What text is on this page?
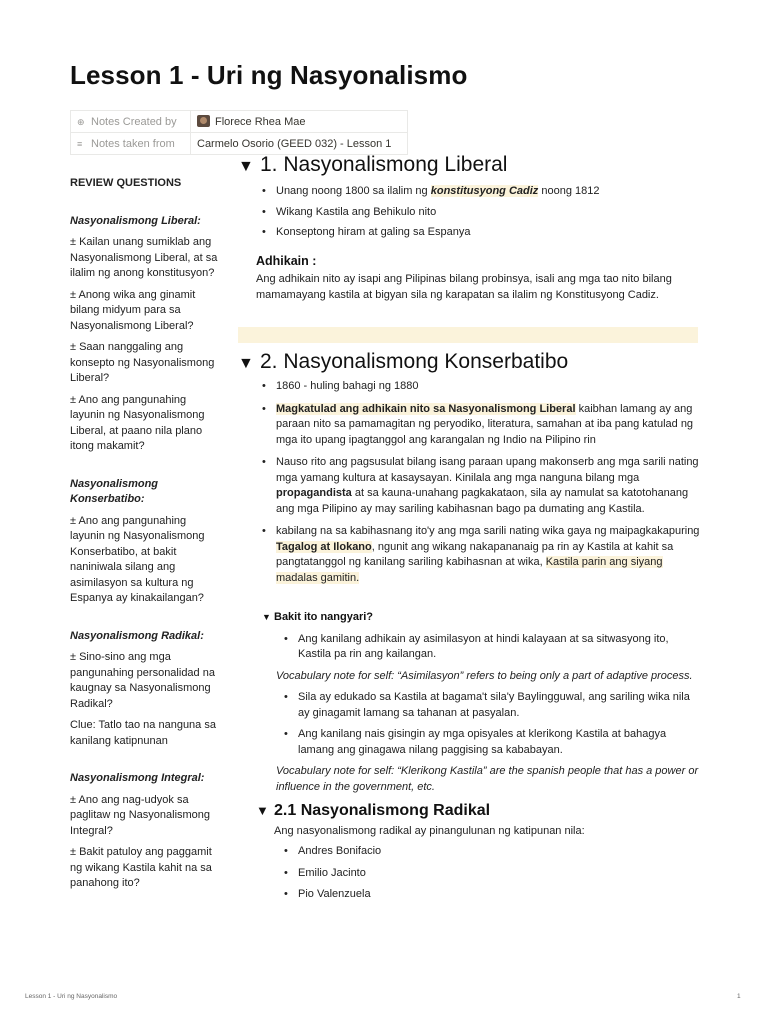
Lesson 1 - Uri ng Nasyonalismo
⊕ Notes Created by	Florece Rhea Mae
≡ Notes taken from	Carmelo Osorio (GEED 032) - Lesson 1
REVIEW QUESTIONS
Nasyonalismong Liberal:
± Kailan unang sumiklab ang Nasyonalismong Liberal, at sa ilalim ng anong konstitusyon?
± Anong wika ang ginamit bilang midyum para sa Nasyonalismong Liberal?
± Saan nanggaling ang konsepto ng Nasyonalismong Liberal?
± Ano ang pangunahing layunin ng Nasyonalismong Liberal, at paano nila plano itong makamit?
Nasyonalismong Konserbatibo:
± Ano ang pangunahing layunin ng Nasyonalismong Konserbatibo, at bakit naniniwala silang ang asimilasyon sa kultura ng Espanya ay kinakailangan?
Nasyonalismong Radikal:
± Sino-sino ang mga pangunahing personalidad na kaugnay sa Nasyonalismong Radikal?
Clue: Tatlo tao na nanguna sa kanilang katipnunan
Nasyonalismong Integral:
± Ano ang nag-udyok sa paglitaw ng Nasyonalismong Integral?
± Bakit patuloy ang paggamit ng wikang Kastila kahit na sa panahong ito?
▼ 1. Nasyonalismong Liberal
• Unang noong 1800 sa ilalim ng konstitusyong Cadiz noong 1812
• Wikang Kastila ang Behikulo nito
• Konseptong hiram at galing sa Espanya
Adhikain :
Ang adhikain nito ay isapi ang Pilipinas bilang probinsya, isali ang mga tao nito bilang mamamayang kastila at bigyan sila ng karapatan sa ilalim ng Konstitusyong Cadiz.
▼ 2. Nasyonalismong Konserbatibo
• 1860 - huling bahagi ng 1880
• Magkatulad ang adhikain nito sa Nasyonalismong Liberal kaibhan lamang ay ang paraan nito sa pamamagitan ng peryodiko, literatura, samahan at iba pang katulad ng mga ito upang ipagtanggol ang karangalan ng Indio na Pilipino rin
• Nauso rito ang pagsusulat bilang isang paraan upang makonserb ang mga sarili nating mga yamang kultura at kasaysayan. Kinilala ang mga nanguna bilang mga propagandista at sa kauna-unahang pagkakataon, sila ay namulat sa katotohanang ang mga Pilipino ay may sariling kabihasnan bago pa dumating ang Kastila.
• kabilang na sa kabihasnang ito'y ang mga sarili nating wika gaya ng maipagkakapuring Tagalog at Ilokano, ngunit ang wikang nakapananaig pa rin ay Kastila at kahit sa pangtatanggol ng kanilang sariling kabihasnan at wika, Kastila parin ang siyang madalas gamitin.
▼ Bakit ito nangyari?
• Ang kanilang adhikain ay asimilasyon at hindi kalayaan at sa sitwasyong ito, Kastila pa rin ang kailangan.
Vocabulary note for self: “Asimilasyon” refers to being only a part of adaptive process.
• Sila ay edukado sa Kastila at bagama't sila'y Baylingguwal, ang sariling wika nila ay ginagamit lamang sa tahanan at pasyalan.
• Ang kanilang nais gisingin ay mga opisyales at klerikong Kastila at bahagya lamang ang ginagawa nilang paggising sa kababayan.
Vocabulary note for self: “Klerikong Kastila” are the spanish people that has a power or influence in the government, etc.
▼ 2.1 Nasyonalismong Radikal
Ang nasyonalismong radikal ay pinangulunan ng katipunan nila:
• Andres Bonifacio
• Emilio Jacinto
• Pio Valenzuela
Lesson 1 - Uri ng Nasyonalismo	1
